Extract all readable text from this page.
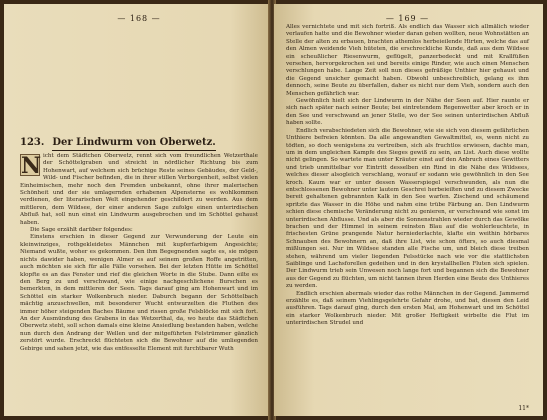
— 168 —
123. Der Lindwurm von Oberwetz.
N icht dem Städtchen Oberwetz, rennt sich vom freundlichen Wetzerthale der Schöttelgraben und streicht in nördlicher Richtung bis zum Hohenwart, auf welchem sich brüchige Reste seines Gebäudes, der Geld-, Wild- und Fischer befinden, die in ihrer stillen Verborgenheit, selbst vielen Einheimischen, mehr noch den Fremden unbekannt, ohne ihrer malerischen Schönheit und der sie umlagernden erhabenen Alpensterne es wohlkommen verdienen, der literarischen Welt eingehender geschildert zu werden. Aus dem mittleren, dem Wildsee, der einer anderen Sage zufolge einen unterirdischen Abfluß hat, soll nun einst ein Lindwurm ausgebrochen und im Schöttel gehaust haben.

Die Sage erzählt darüber folgendes:

Einstens erschien in dieser Gegend zur Verwunderung der Leute ein kleinwinziges, rothgekleidetes Männchen mit kupferfarbigem Angesichte; Niemand wußte, woher es gekommen. Den ihm Begegnenden sagte es, sie mögen nichts dawider haben, wenigen Almer es auf seinem großen Roffe angetritten, auch möchten sie sich für alle Fälle vorsehen. Bei der letzten Hütte im Schöttel klopfte es an das Fenster und rief die gleichen Worte in die Stube. Dann eilte es den Berg zu und verschwand, wie einige nachgeschlichene Burschen es bemerkten, in dem mittleren der Seen. Tags darauf ging am Hohenwart und im Schöttel ein starker Wolkenbruch nieder. Daburch begann der Schöttelbach mächtig anzuschwellen, mit besonderer Wucht entwurzelten die Fluthen des immer höher steigenden Baches Bäume und rissen große Felsblöcke mit sich fort. An der Ausmündung des Grabens in das Wetzerthal, da, wo heute das Städtchen Oberwetz steht, soll schon damals eine kleine Ansiedlung bestanden haben, welche nun durch den Andrang der Wellen und der mitgeführten Felstrümmer gänzlich zerstört wurde. Erschreckt flüchteten sich die Bewohner auf die umliegenden Gebirge und sahen jetzt, wie das entfesselte Element mit furchtbarer Wuth

— 169 —

Alles vernichtete und mit sich fortriß. Als endlich das Wasser sich allmälich wieder verlaufen hatte und die Bewohner wieder daran gehen wollten, neue Wohnstätten an Stelle der alten zu erbauen, brachten athemlos herbeieilende Hirten, welche das auf den Almen weidende Vieh hüteten, die erschreckliche Kunde, daß aus dem Wildsee ein scheußlicher Riesenwurm, geflügelt, panzerbedeckt und mit Krallfüßen versehen, hervorgekrochen sei und bereits einige Rinder, wie auch einen Menschen verschlungen habe. Lange Zeit soll nun dieses gefräßige Unthier hier gehaust und die Gegend unsicher gemacht haben. Obwohl unbeschreiblich, gelang es ihm dennoch, seine Beute zu überfallen, daher es nicht nur dem Vieh, sondern auch den Menschen gefährlich war.

Gewöhnlich hielt sich der Lindwurm in der Nähe der Seen auf. Hier raunte er sich nach später nach seiner Beute; bei eintretendem Regenwetter aber kroch er in den See und verschwand an jener Stelle, wo der See seinen unterirdischen Abfluß haben sollte.

Endlich verabschiedeten sich die Bewohner, wie sie sich von diesem gefährlichen Unthiere befreien könnten. Da alle angewandten Gewaltmittel, es, wenn nicht zu tödten, so doch wenigstens zu vertreiben, sich als fruchtlos erwiesen, dachte man, um in dem ungleichen Kampfe des Sieges gewiß zu sein, an List. Auch diese wollte nicht gelingen. So wartete man unter Kräuter einst auf den Anbruch eines Gewitters und trieb unmittelbar vor Eintritt desselben ein Rind in die Nähe des Wildsees, welches dieser alsogleich verschlang, worauf er sodann wie gewöhnlich in den See kroch. Kaum war er unter dessen Wasserspiegel verschwunden, als nun die entschlossenen Bewohner unter lautem Geschrei herbeieilten und zu diesem Zwecke bereit gehaltenen gebrannten Kalk in den See warfen. Zischend und schäumend spritzte das Wasser in die Höhe und nahm eine trübe Färbung an. Den Lindwurm schien diese chemische Veränderung nicht zu genieren, er verschwand wie sonst im unterirdischen Abflusse. Und als aber die Sonnenstrahlen wieder durch das Gewölke brachen und der Himmel in seinem reinsten Blau auf die wohlerleuchtete, in frischesten Grüne prangende Natur herniederlachte, klafte ein weithin hörbares Schnauben des Bewohnern an, daß ihre List, wie schon öfters, so auch diesmal mißlungen sei. Nur im Wildsee standen alle Fische um, und bleich diese treiben stehen, während um vieler liegenden Felsstücke nach wie vor die stattlichsten Saiblinge und Lachsforellen gedeihen und in den krystallhellen Fluten sich spielen. Der Lindwurm trieb sein Unwesen noch lange fort und begannen sich die Bewohner aus der Gegend zu flüchten, um nicht tannen ihren Herden eine Beute des Unthieres zu werden.

Endlich erschien abermals wieder das rothe Männchen in der Gegend. Jammernd erzählte es, daß seinem Viehlingsgelehrte Gefahr drohe, und bat, diesen den Leid ausführen. Tags darauf ging, durch den ersten Mal, am Hohenwart und im Schöttel ein starker Wolkenbruch nieder. Mit großer Heftigkeit wirbelte die Flut im unterirdischen Strudel und

11*
